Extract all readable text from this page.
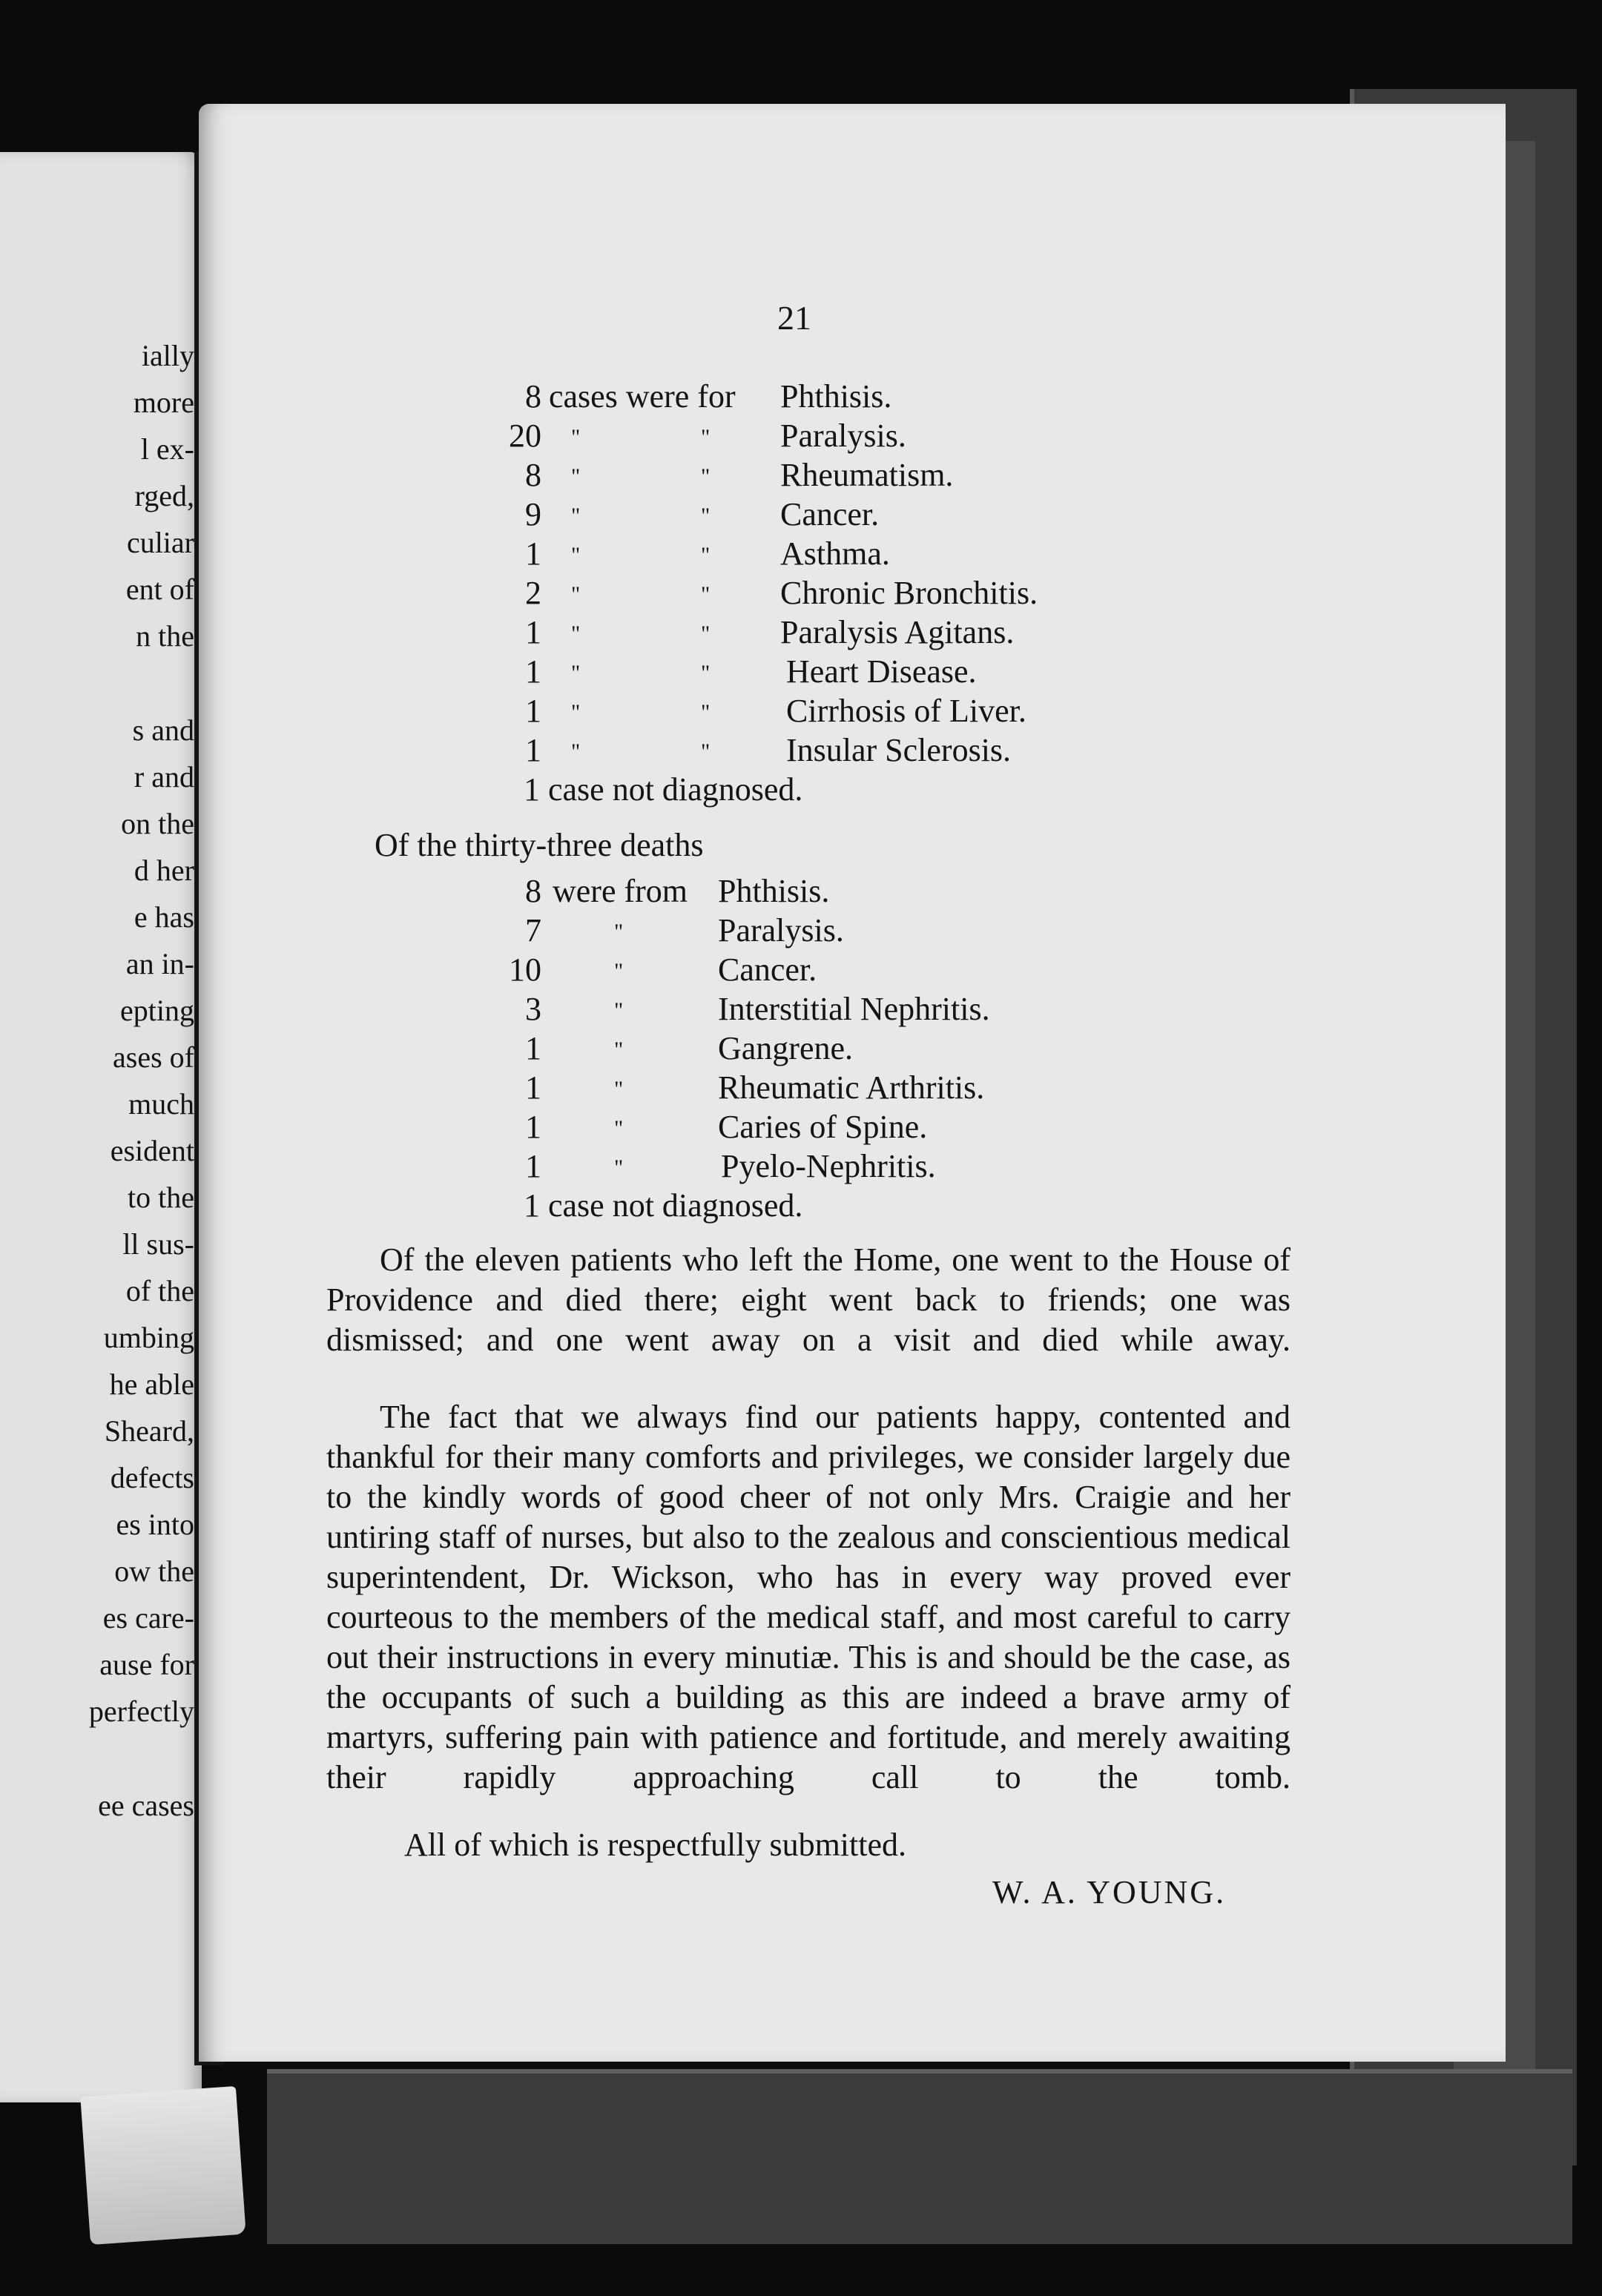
ially
more
l ex-
rged,
culiar
ent of
n the
s and
r and
on the
d her
e has
an in-
epting
ases of
much
esident
to the
ll sus-
of the
umbing
he able
Sheard,
defects
es into
ow the
es care-
ause for
perfectly
ee cases
21
8 cases were for Phthisis.
20 "	" Paralysis.
8 "	" Rheumatism.
9 "	" Cancer.
1 "	" Asthma.
2 "	" Chronic Bronchitis.
1 "	" Paralysis Agitans.
1 "	" Heart Disease.
1 "	" Cirrhosis of Liver.
1 "	" Insular Sclerosis.
1 case not diagnosed.
Of the thirty-three deaths
8 were from Phthisis.
7	"	Paralysis.
10	"	Cancer.
3	"	Interstitial Nephritis.
1	"	Gangrene.
1	"	Rheumatic Arthritis.
1	"	Caries of Spine.
1	"	Pyelo-Nephritis.
1 case not diagnosed.

Of the eleven patients who left the Home, one went to the House of Providence and died there; eight went back to friends; one was dismissed; and one went away on a visit and died while away.

The fact that we always find our patients happy, contented and thankful for their many comforts and privileges, we consider largely due to the kindly words of good cheer of not only Mrs. Craigie and her untiring staff of nurses, but also to the zealous and conscientious medical superintendent, Dr. Wickson, who has in every way proved ever courteous to the members of the medical staff, and most careful to carry out their instructions in every minutiæ. This is and should be the case, as the occupants of such a building as this are indeed a brave army of martyrs, suffering pain with patience and fortitude, and merely awaiting their rapidly approaching call to the tomb.

All of which is respectfully submitted.
W. A. YOUNG.
